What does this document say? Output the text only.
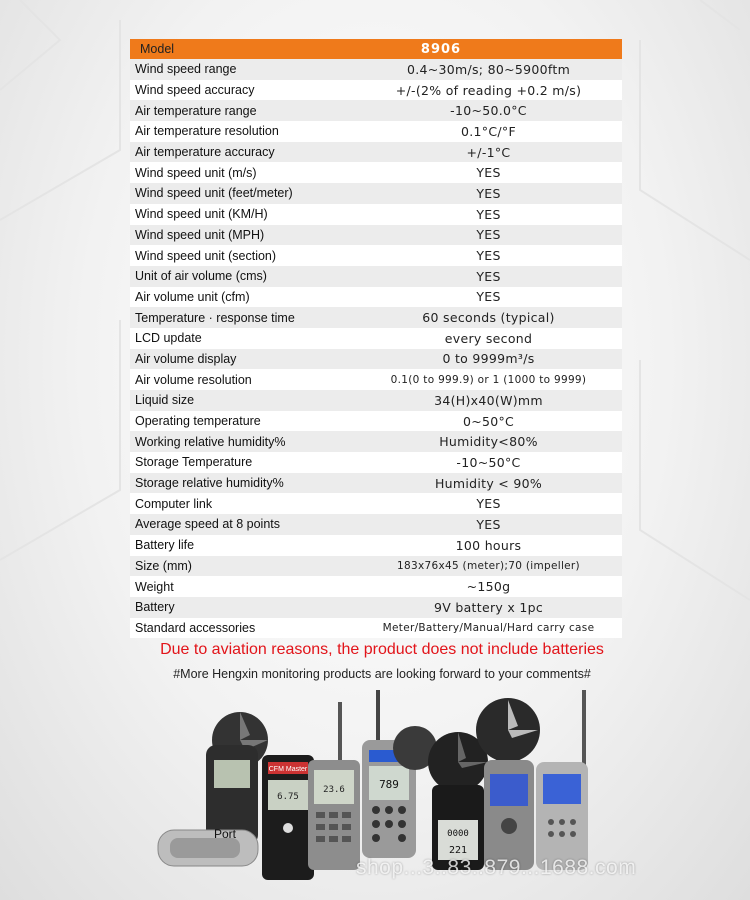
Model	8906
Wind speed range	0.4~30m/s; 80~5900ftm
Wind speed accuracy	+/-(2% of reading +0.2 m/s)
Air temperature range	-10~50.0°C
Air temperature resolution	0.1°C/°F
Air temperature accuracy	+/-1°C
Wind speed unit (m/s)	YES
Wind speed unit (feet/meter)	YES
Wind speed unit (KM/H)	YES
Wind speed unit (MPH)	YES
Wind speed unit (section)	YES
Unit of air volume (cms)	YES
Air volume unit (cfm)	YES
Temperature · response time	60 seconds (typical)
LCD update	every second
Air volume display	0 to 9999m³/s
Air volume resolution	0.1(0 to 999.9) or 1 (1000 to 9999)
Liquid size	34(H)x40(W)mm
Operating temperature	0~50°C
Working relative humidity%	Humidity<80%
Storage Temperature	-10~50°C
Storage relative humidity%	Humidity < 90%
Computer link	YES
Average speed at 8 points	YES
Battery life	100 hours
Size (mm)	183x76x45 (meter);70 (impeller)
Weight	~150g
Battery	9V battery x 1pc
Standard accessories	Meter/Battery/Manual/Hard carry case
Due to aviation reasons, the product does not include batteries
#More Hengxin monitoring products are looking forward to your comments#
CFM Master
6.75
23.6	789
0000
221
Port
shop...3..83..879...1688.com
